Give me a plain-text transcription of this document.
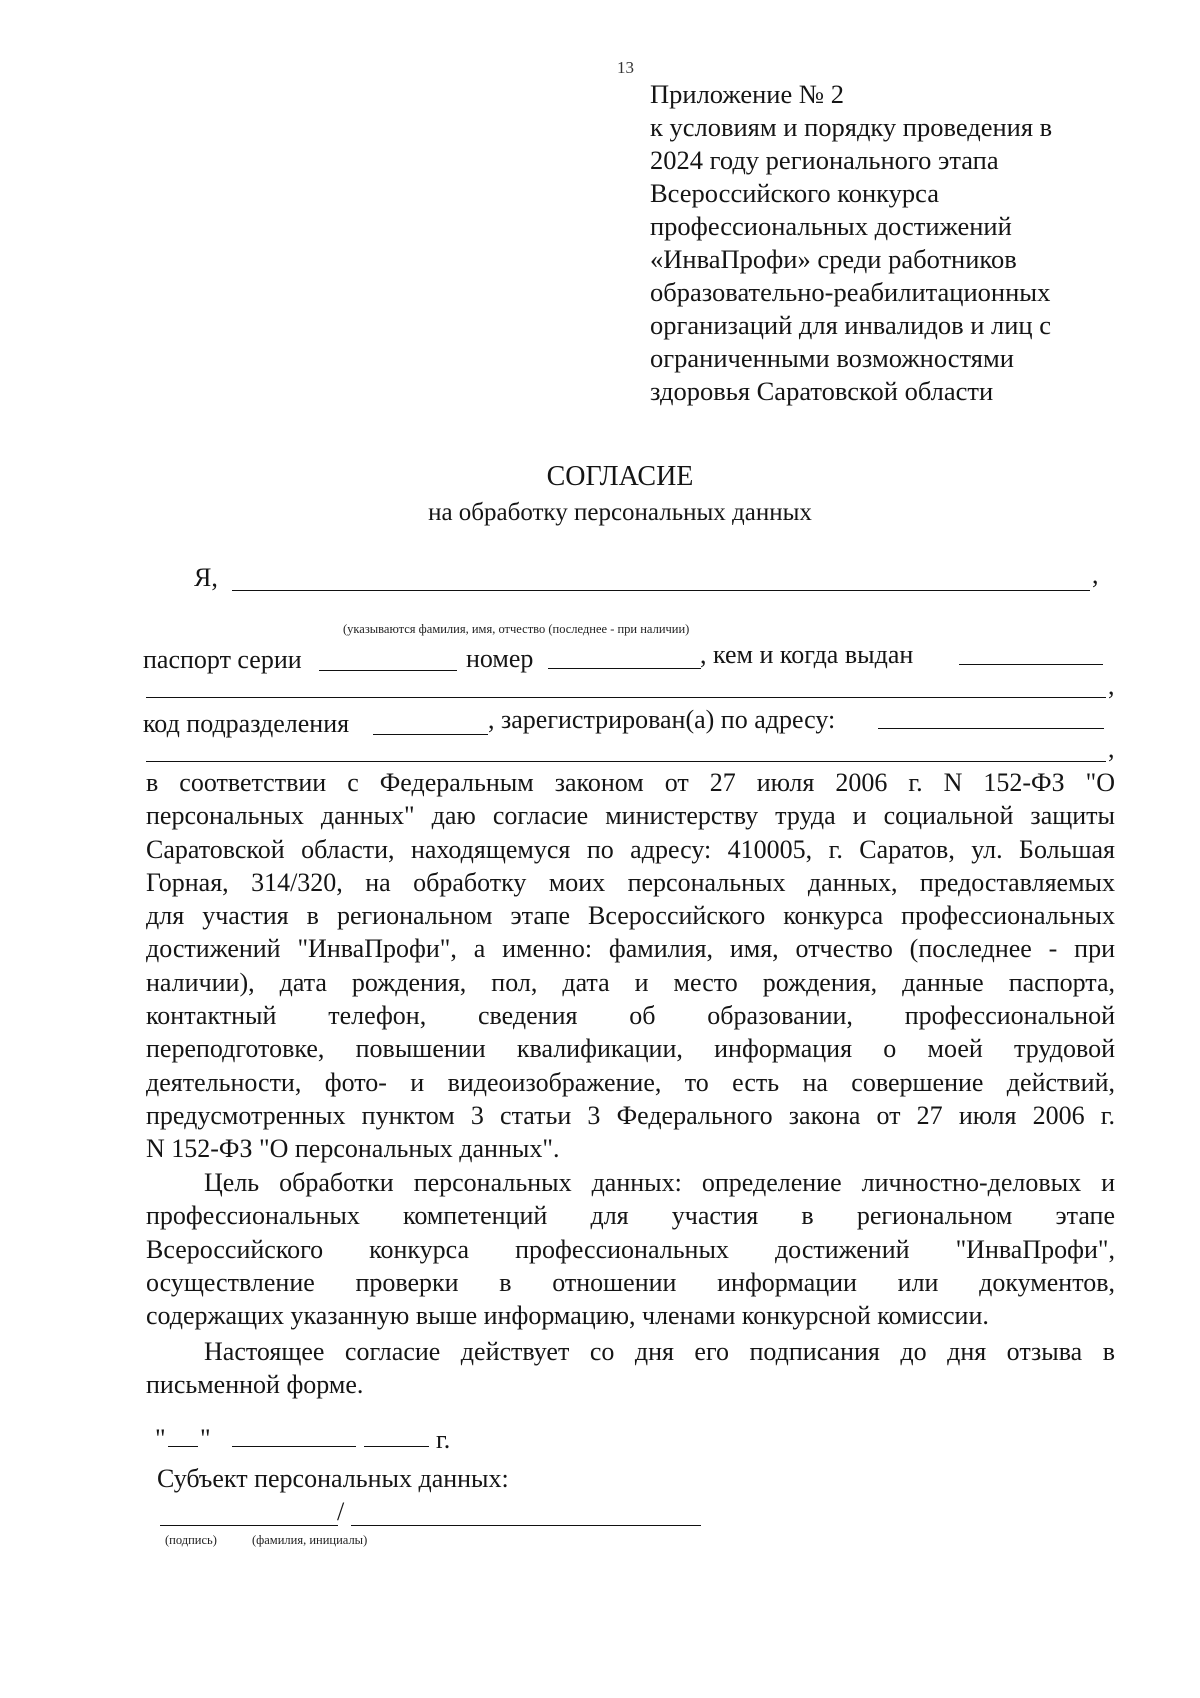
13
Приложение № 2
к условиям и порядку проведения в
2024 году регионального этапа
Всероссийского конкурса
профессиональных достижений
«ИнваПрофи» среди работников
образовательно-реабилитационных
организаций для инвалидов и лиц с
ограниченными возможностями
здоровья Саратовской области
СОГЛАСИЕ
на обработку персональных данных
Я,	,
(указываются фамилия, имя, отчество (последнее - при наличии)
паспорт серии	номер	, кем и когда выдан
,
код подразделения	, зарегистрирован(а) по адресу:
,
в соответствии с Федеральным законом от 27 июля 2006 г. N 152-ФЗ "О
персональных данных" даю согласие министерству труда и социальной защиты
Саратовской области, находящемуся по адресу: 410005, г. Саратов, ул. Большая
Горная, 314/320, на обработку моих персональных данных, предоставляемых
для участия в региональном этапе Всероссийского конкурса профессиональных
достижений "ИнваПрофи", а именно: фамилия, имя, отчество (последнее - при
наличии), дата рождения, пол, дата и место рождения, данные паспорта,
контактный телефон, сведения об образовании, профессиональной
переподготовке, повышении квалификации, информация о моей трудовой
деятельности, фото- и видеоизображение, то есть на совершение действий,
предусмотренных пунктом 3 статьи 3 Федерального закона от 27 июля 2006 г.
N 152-ФЗ "О персональных данных".
Цель обработки персональных данных: определение личностно-деловых и
профессиональных компетенций для участия в региональном этапе
Всероссийского конкурса профессиональных достижений "ИнваПрофи",
осуществление проверки в отношении информации или документов,
содержащих указанную выше информацию, членами конкурсной комиссии.
Настоящее согласие действует со дня его подписания до дня отзыва в
письменной форме.
" "	г.
Субъект персональных данных:
/
(подпись)	(фамилия, инициалы)
